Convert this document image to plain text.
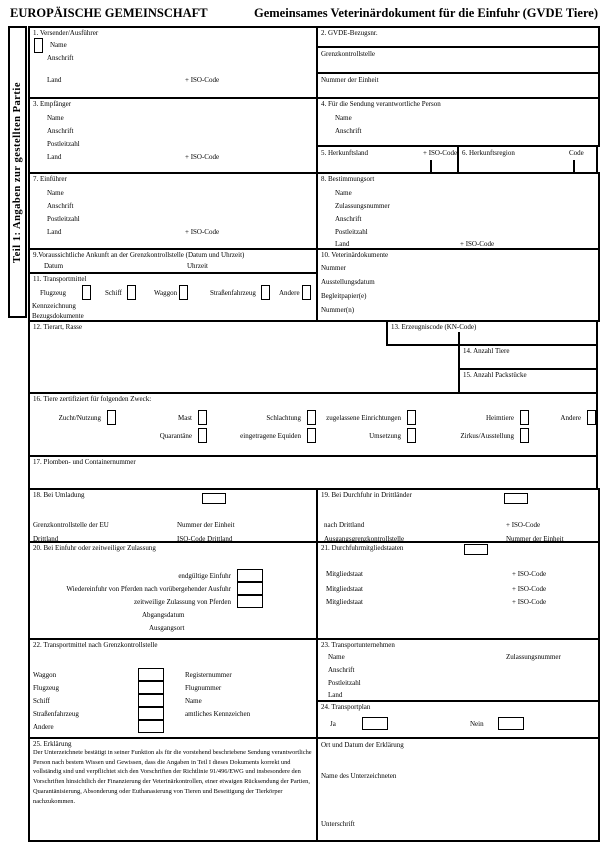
EUROPÄISCHE GEMEINSCHAFT	Gemeinsames Veterinärdokument für die Einfuhr (GVDE Tiere)
Teil 1: Angaben zur gestellten Partie
1. Versender/Ausführer
Name
Anschrift
Land	+ ISO-Code
2. GVDE-Bezugsnr.
Grenzkontrollstelle
Nummer der Einheit
3. Empfänger
Name
Anschrift
Postleitzahl
Land	+ ISO-Code
4. Für die Sendung verantwortliche Person
Name
Anschrift
5. Herkunftsland	+ ISO-Code 6. Herkunftsregion	Code
7. Einführer
Name
Anschrift
Postleitzahl
Land	+ ISO-Code
8. Bestimmungsort
Name
Zulassungsnummer
Anschrift
Postleitzahl
Land	+ ISO-Code
9.Voraussichtliche Ankunft an der Grenzkontrollstelle (Datum und Uhrzeit)
Datum	Uhrzeit
10. Veterinärdokumente
Nummer
Ausstellungsdatum
Begleitpapier(e)
Nummer(n)
11. Transportmittel
Flugzeug	Schiff	Waggon	Straßenfahrzeug	Andere
Kennzeichnung
Bezugsdokumente
12. Tierart, Rasse	13. Erzeugniscode (KN-Code)
14. Anzahl Tiere
15. Anzahl Packstücke
16. Tiere zertifiziert für folgenden Zweck:
Zucht/Nutzung	Mast	Schlachtung	zugelassene Einrichtungen	Heimtiere	Andere
Quarantäne	eingetragene Equiden	Umsetzung	Zirkus/Ausstellung
17. Plomben- und Containernummer
18. Bei Umladung
Grenzkontrollstelle der EU	Nummer der Einheit
Drittland	ISO-Code Drittland
19. Bei Durchfuhr in Drittländer
nach Drittland	+ ISO-Code
Ausgangsgrenzkontrollstelle	Nummer der Einheit
20. Bei Einfuhr oder zeitweiliger Zulassung
endgültige Einfuhr
Wiedereinfuhr von Pferden nach vorübergehender Ausfuhr
zeitweilige Zulassung von Pferden
Abgangsdatum
Ausgangsort
21. Durchfuhrmitgliedstaaten
Mitgliedstaat	+ ISO-Code
Mitgliedstaat	+ ISO-Code
Mitgliedstaat	+ ISO-Code
22. Transportmittel nach Grenzkontrollstelle
Waggon	Registernummer
Flugzeug	Flugnummer
Schiff	Name
Straßenfahrzeug	amtliches Kennzeichen
Andere
23. Transportunternehmen
Name	Zulassungsnummer
Anschrift
Postleitzahl
Land
24. Transportplan
Ja	Nein
25. Erklärung
Der Unterzeichnete bestätigt in seiner Funktion als für die vorstehend beschriebene Sendung verantwortliche Person nach bestem Wissen und Gewissen, dass die Angaben in Teil I dieses Dokuments korrekt und vollständig sind und verpflichtet sich den Vorschriften der Richtlinie 91/496/EWG und insbesondere den Vorschriften hinsichtlich der Finanzierung der Veterinärkontrollen, einer etwaigen Rücksendung der Partien, Quarantänisierung, Absonderung oder Euthanasierung von Tieren und Beseitigung der Tierkörper nachzukommen.
Ort und Datum der Erklärung
Name des Unterzeichneten
Unterschrift
